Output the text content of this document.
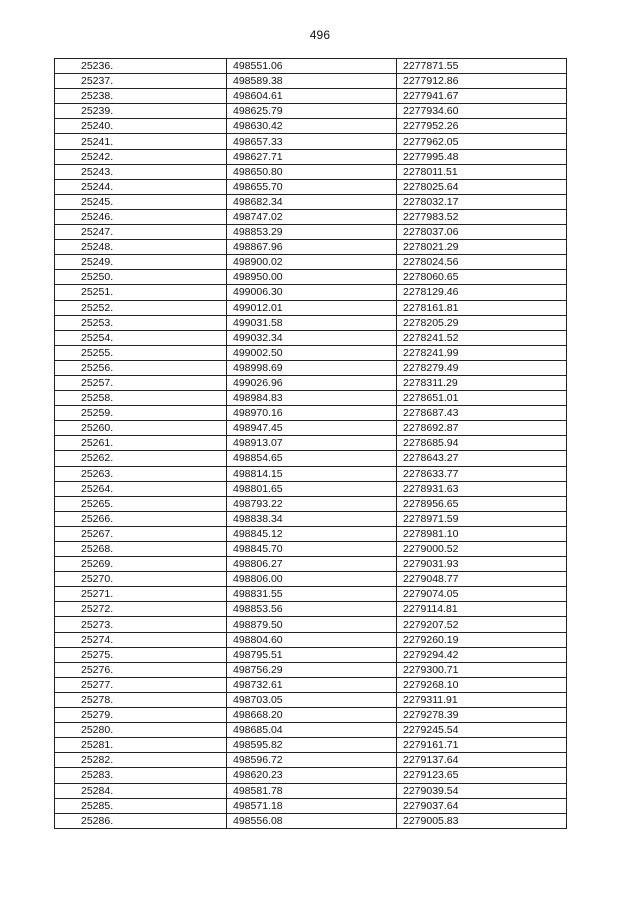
496
25236.	498551.06	2277871.55
25237.	498589.38	2277912.86
25238.	498604.61	2277941.67
25239.	498625.79	2277934.60
25240.	498630.42	2277952.26
25241.	498657.33	2277962.05
25242.	498627.71	2277995.48
25243.	498650.80	2278011.51
25244.	498655.70	2278025.64
25245.	498682.34	2278032.17
25246.	498747.02	2277983.52
25247.	498853.29	2278037.06
25248.	498867.96	2278021.29
25249.	498900.02	2278024.56
25250.	498950.00	2278060.65
25251.	499006.30	2278129.46
25252.	499012.01	2278161.81
25253.	499031.58	2278205.29
25254.	499032.34	2278241.52
25255.	499002.50	2278241.99
25256.	498998.69	2278279.49
25257.	499026.96	2278311.29
25258.	498984.83	2278651.01
25259.	498970.16	2278687.43
25260.	498947.45	2278692.87
25261.	498913.07	2278685.94
25262.	498854.65	2278643.27
25263.	498814.15	2278633.77
25264.	498801.65	2278931.63
25265.	498793.22	2278956.65
25266.	498838.34	2278971.59
25267.	498845.12	2278981.10
25268.	498845.70	2279000.52
25269.	498806.27	2279031.93
25270.	498806.00	2279048.77
25271.	498831.55	2279074.05
25272.	498853.56	2279114.81
25273.	498879.50	2279207.52
25274.	498804.60	2279260.19
25275.	498795.51	2279294.42
25276.	498756.29	2279300.71
25277.	498732.61	2279268.10
25278.	498703.05	2279311.91
25279.	498668.20	2279278.39
25280.	498685.04	2279245.54
25281.	498595.82	2279161.71
25282.	498596.72	2279137.64
25283.	498620.23	2279123.65
25284.	498581.78	2279039.54
25285.	498571.18	2279037.64
25286.	498556.08	2279005.83
